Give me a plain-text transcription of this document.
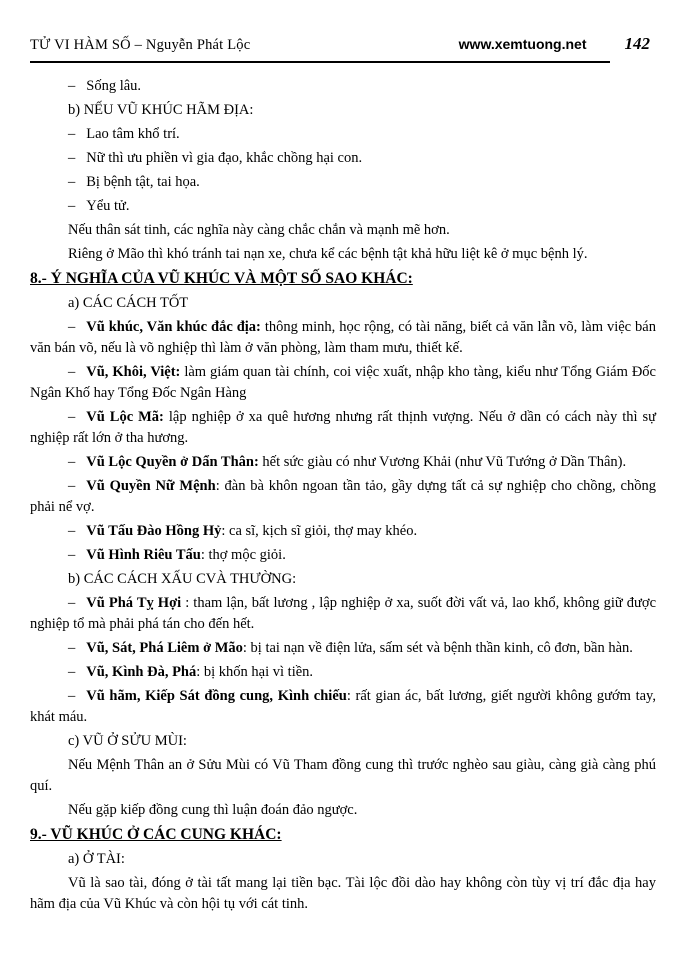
TỬ VI HÀM SỐ – Nguyễn Phát Lộc	www.xemtuong.net 142

– Sống lâu.

b) NẾU VŨ KHÚC HÃM ĐỊA:

– Lao tâm khổ trí.

– Nữ thì ưu phiền vì gia đạo, khắc chồng hại con.

– Bị bệnh tật, tai họa.

– Yểu tử.

Nếu thân sát tinh, các nghĩa này càng chắc chắn và mạnh mẽ hơn.

Riêng ở Mão thì khó tránh tai nạn xe, chưa kể các bệnh tật khả hữu liệt kê ở mục bệnh lý.

8.- Ý NGHĨA CỦA VŨ KHÚC VÀ MỘT SỐ SAO KHÁC:

a) CÁC CÁCH TỐT

– Vũ khúc, Văn khúc đắc địa: thông minh, học rộng, có tài năng, biết cả văn lẫn võ, làm việc bán văn bán võ, nếu là võ nghiệp thì làm ở văn phòng, làm tham mưu, thiết kế.

– Vũ, Khôi, Việt: làm giám quan tài chính, coi việc xuất, nhập kho tàng, kiểu như Tổng Giám Đốc Ngân Khố hay Tổng Đốc Ngân Hàng

– Vũ Lộc Mã: lập nghiệp ở xa quê hương nhưng rất thịnh vượng. Nếu ở dần có cách này thì sự nghiệp rất lớn ở tha hương.

– Vũ Lộc Quyền ở Dẩn Thân: hết sức giàu có như Vương Khải (như Vũ Tướng ở Dần Thân).

– Vũ Quyền Nữ Mệnh: đàn bà khôn ngoan tần tảo, gầy dựng tất cả sự nghiệp cho chồng, chồng phải nể vợ.

– Vũ Tấu Đào Hồng Hỷ: ca sĩ, kịch sĩ giỏi, thợ may khéo.

– Vũ Hình Riêu Tấu: thợ mộc giỏi.

b) CÁC CÁCH XẤU CVÀ THƯỜNG:

– Vũ Phá Tỵ Hợi : tham lận, bất lương , lập nghiệp ở xa, suốt đời vất vả, lao khổ, không giữ được nghiệp tổ mà phải phá tán cho đến hết.

– Vũ, Sát, Phá Liêm ở Mão: bị tai nạn về điện lửa, sấm sét và bệnh thần kinh, cô đơn, bần hàn.

– Vũ, Kình Đà, Phá: bị khốn hại vì tiền.

– Vũ hãm, Kiếp Sát đồng cung, Kình chiếu: rất gian ác, bất lương, giết người không gướm tay, khát máu.

c) VŨ Ở SỬU MÙI:

Nếu Mệnh Thân an ở Sửu Mùi có Vũ Tham đồng cung thì trước nghèo sau giàu, càng già càng phú quí.

Nếu gặp kiếp đồng cung thì luận đoán đảo ngược.

9.- VŨ KHÚC Ở CÁC CUNG KHÁC:

a) Ở TÀI:

Vũ là sao tài, đóng ở tài tất mang lại tiền bạc. Tài lộc đồi dào hay không còn tùy vị trí đắc địa hay hãm địa của Vũ Khúc và còn hội tụ với cát tinh.
